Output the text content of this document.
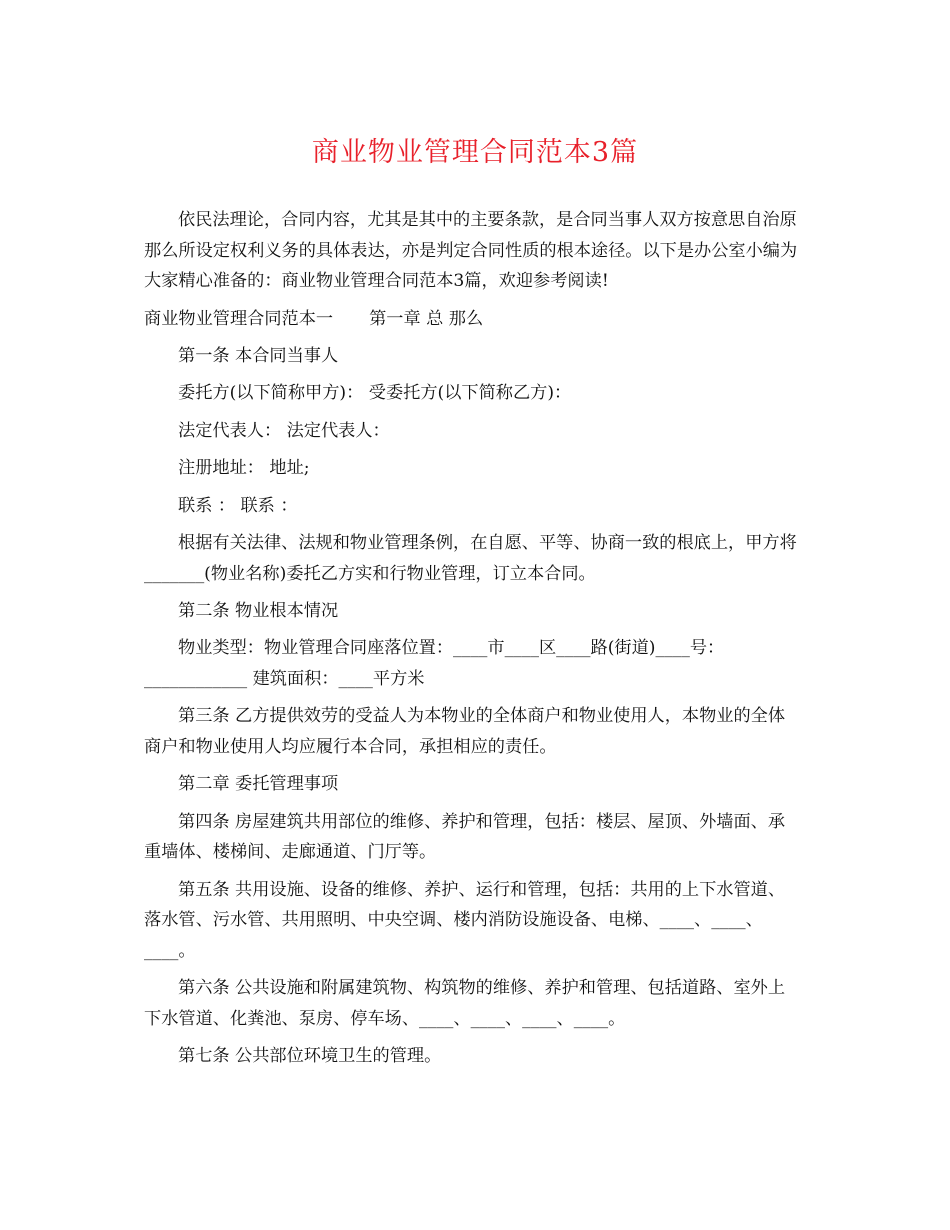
商业物业管理合同范本3篇

依民法理论，合同内容，尤其是其中的主要条款，是合同当事人双方按意思自治原那么所设定权利义务的具体表达，亦是判定合同性质的根本途径。以下是办公室小编为大家精心准备的：商业物业管理合同范本3篇，欢迎参考阅读!

商业物业管理合同范本一 第一章 总 那么

第一条 本合同当事人

委托方(以下简称甲方)： 受委托方(以下简称乙方)：

法定代表人： 法定代表人：

注册地址： 地址;

联系 ： 联系 ：

根据有关法律、法规和物业管理条例，在自愿、平等、协商一致的根底上，甲方将_______(物业名称)委托乙方实和行物业管理，订立本合同。

第二条 物业根本情况

物业类型：物业管理合同座落位置：____市____区____路(街道)____号：____________ 建筑面积：____平方米

第三条 乙方提供效劳的受益人为本物业的全体商户和物业使用人，本物业的全体商户和物业使用人均应履行本合同，承担相应的责任。

第二章 委托管理事项

第四条 房屋建筑共用部位的维修、养护和管理，包括：楼层、屋顶、外墙面、承重墙体、楼梯间、走廊通道、门厅等。

第五条 共用设施、设备的维修、养护、运行和管理，包括：共用的上下水管道、落水管、污水管、共用照明、中央空调、楼内消防设施设备、电梯、____、____、____。

第六条 公共设施和附属建筑物、构筑物的维修、养护和管理、包括道路、室外上下水管道、化粪池、泵房、停车场、____、____、____、____。

第七条 公共部位环境卫生的管理。
